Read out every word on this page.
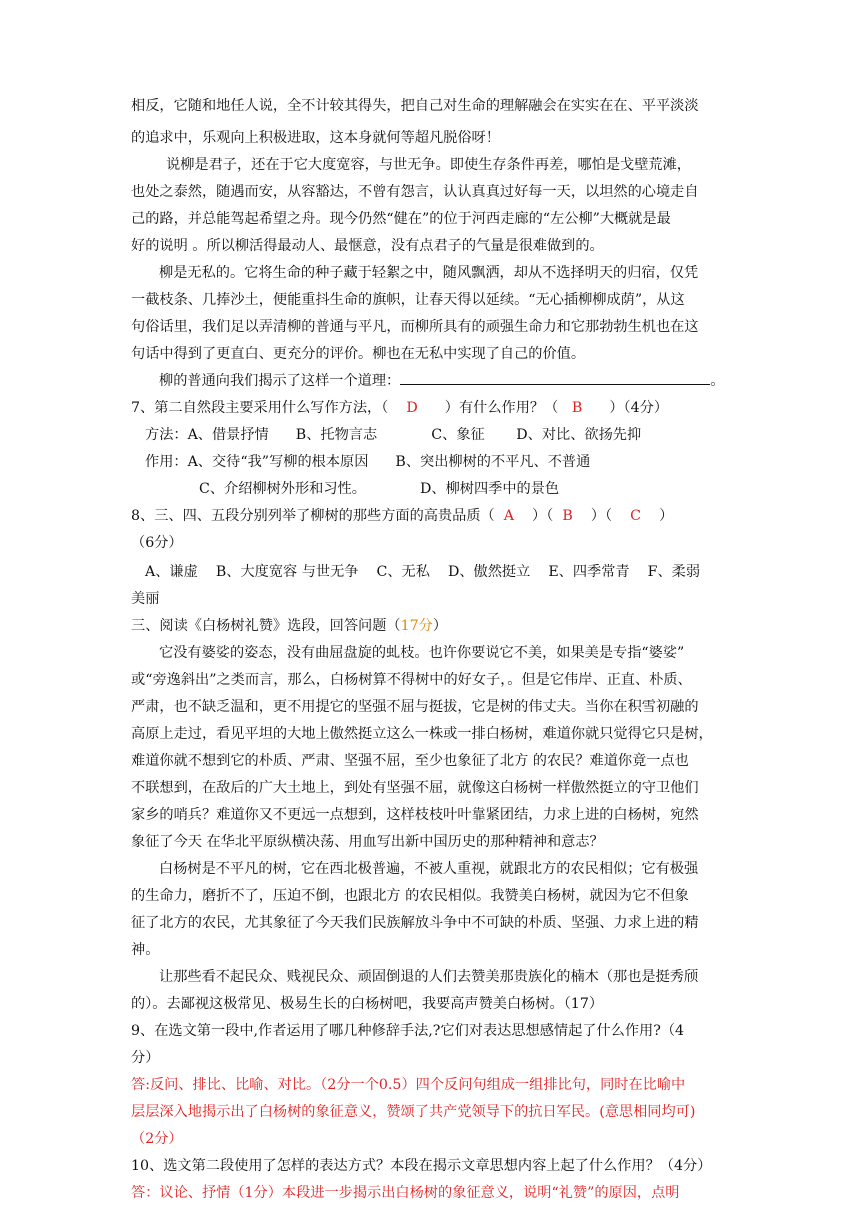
相反，它随和地任人说，全不计较其得失，把自己对生命的理解融会在实实在在、平平淡淡
的追求中，乐观向上积极进取，这本身就何等超凡脱俗呀！
说柳是君子，还在于它大度宽容，与世无争。即使生存条件再差，哪怕是戈壁荒滩，
也处之泰然，随遇而安，从容豁达，不曾有怨言，认认真真过好每一天，以坦然的心境走自
己的路，并总能驾起希望之舟。现今仍然“健在”的位于河西走廊的“左公柳”大概就是最
好的说明 。所以柳活得最动人、最惬意，没有点君子的气量是很难做到的。
柳是无私的。它将生命的种子藏于轻絮之中，随风飘洒，却从不选择明天的归宿，仅凭
一截枝条、几捧沙土，便能重抖生命的旗帜，让春天得以延续。“无心插柳柳成荫”，从这
句俗话里，我们足以弄清柳的普通与平凡，而柳所具有的顽强生命力和它那勃勃生机也在这
句话中得到了更直白、更充分的评价。柳也在无私中实现了自己的价值。
柳的普通向我们揭示了这样一个道理：	。
7、第二自然段主要采用什么写作方法，（ D ）有什么作用？（ B ）（4分）
方法：A、借景抒情      B、托物言志            C、象征       D、对比、欲扬先抑
作用：A、交待“我”写柳的根本原因      B、突出柳树的不平凡、不普通
C、介绍柳树外形和习性。            D、柳树四季中的景色
8、三、四、五段分别列举了柳树的那些方面的高贵品质（ A ）（ B ）（ C ）
（6分）
A、谦虚    B、大度宽容 与世无争    C、无私    D、傲然挺立    E、四季常青    F、柔弱
美丽
三、阅读《白杨树礼赞》选段，回答问题（17分）
它没有婆娑的姿态，没有曲屈盘旋的虬枝。也许你要说它不美，如果美是专指“婆娑”
或“旁逸斜出”之类而言，那么，白杨树算不得树中的好女子，。但是它伟岸、正直、朴质、
严肃，也不缺乏温和，更不用提它的坚强不屈与挺拔，它是树的伟丈夫。当你在积雪初融的
高原上走过，看见平坦的大地上傲然挺立这么一株或一排白杨树，难道你就只觉得它只是树，
难道你就不想到它的朴质、严肃、坚强不屈，至少也象征了北方 的农民？难道你竟一点也
不联想到，在敌后的广大土地上，到处有坚强不屈，就像这白杨树一样傲然挺立的守卫他们
家乡的哨兵？难道你又不更远一点想到，这样枝枝叶叶靠紧团结，力求上进的白杨树，宛然
象征了今天 在华北平原纵横决荡、用血写出新中国历史的那种精神和意志？
白杨树是不平凡的树，它在西北极普遍，不被人重视，就跟北方的农民相似；它有极强
的生命力，磨折不了，压迫不倒，也跟北方 的农民相似。我赞美白杨树，就因为它不但象
征了北方的农民，尤其象征了今天我们民族解放斗争中不可缺的朴质、坚强、力求上进的精
神。
让那些看不起民众、贱视民众、顽固倒退的人们去赞美那贵族化的楠木（那也是挺秀颀
的）。去鄙视这极常见、极易生长的白杨树吧，我要高声赞美白杨树。（17）
9、在选文第一段中,作者运用了哪几种修辞手法,?它们对表达思想感情起了什么作用?（4
分）
答:反问、排比、比喻、对比。（2分一个0.5）四个反问句组成一组排比句，同时在比喻中
层层深入地揭示出了白杨树的象征意义，赞颂了共产党领导下的抗日军民。(意思相同均可)
（2分）
10、选文第二段使用了怎样的表达方式？本段在揭示文章思想内容上起了什么作用？（4分）
答：议论、抒情（1分）本段进一步揭示出白杨树的象征意义，说明“礼赞”的原因，点明
